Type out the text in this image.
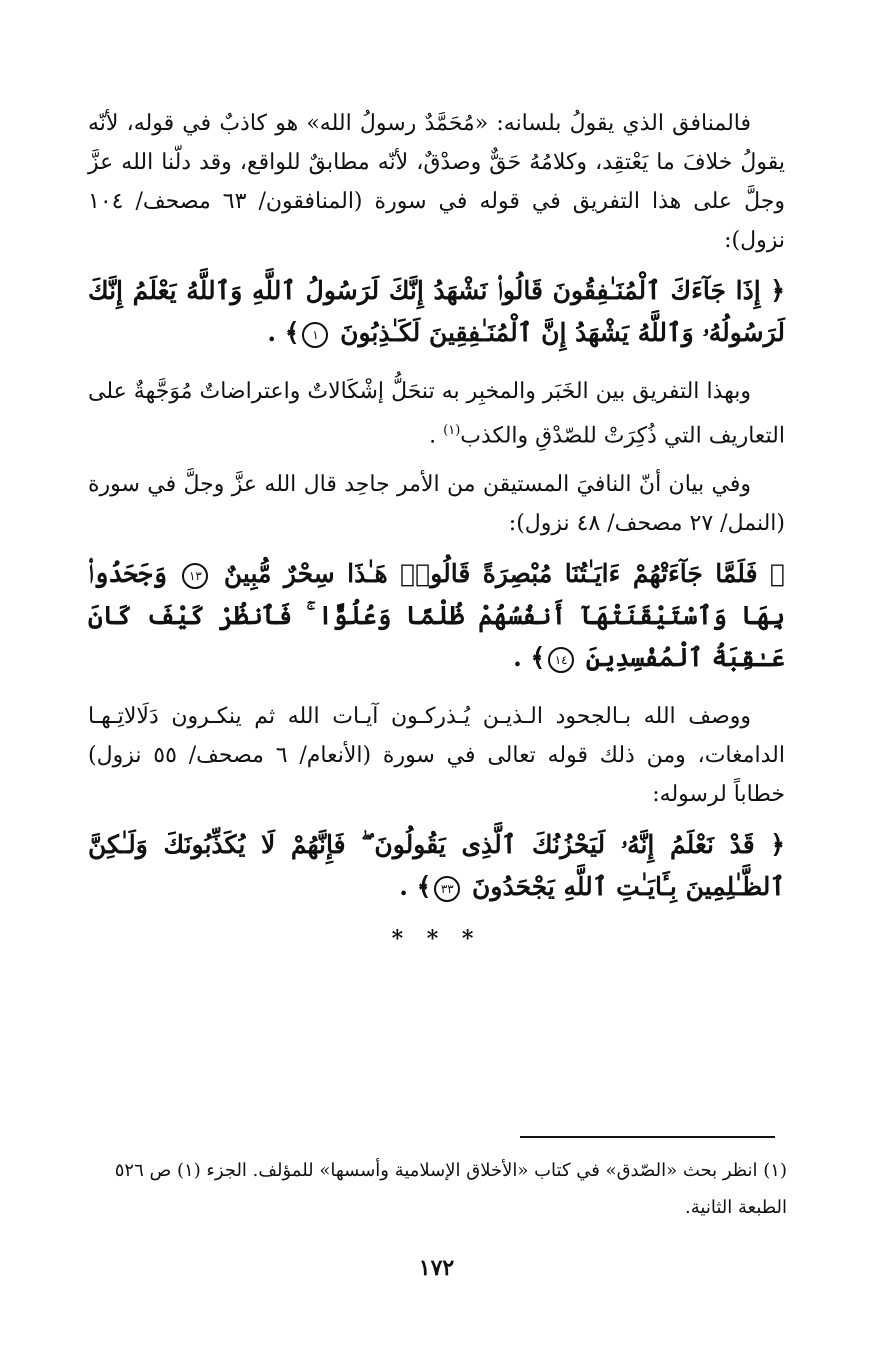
فالمنافق الذي يقولُ بلسانه: «مُحَمَّدٌ رسولُ الله» هو كاذبٌ في قوله، لأنّه يقولُ خلافَ ما يَعْتقِد، وكلامُهُ حَقٌّ وصدْقٌ، لأنّه مطابقٌ للواقع، وقد دلّنا الله عزَّ وجلَّ على هذا التفريق في قوله في سورة (المنافقون/ ٦٣ مصحف/ ١٠٤ نزول):

﴿ إِذَا جَآءَكَ ٱلْمُنَـٰفِقُونَ قَالُوا۟ نَشْهَدُ إِنَّكَ لَرَسُولُ ٱللَّهِ وَٱللَّهُ يَعْلَمُ إِنَّكَ لَرَسُولُهُۥ وَٱللَّهُ يَشْهَدُ إِنَّ ٱلْمُنَـٰفِقِينَ لَكَـٰذِبُونَ ١﴾ .

وبهذا التفريق بين الخَبَر والمخبِر به تنحَلُّ إشْكَالاتٌ واعتراضاتٌ مُوَجَّهةٌ على التعاريف التي ذُكِرَتْ للصّدْقِ والكذب$^{(١)}$ .

وفي بيان أنّ النافيَ المستيقن من الأمر جاحِد قال الله عزَّ وجلَّ في سورة (النمل/ ٢٧ مصحف/ ٤٨ نزول):

﴿ فَلَمَّا جَآءَتْهُمْ ءَايَـٰتُنَا مُبْصِرَةً قَالُوا۟ هَـٰذَا سِحْرٌ مُّبِينٌ ١٣ وَجَحَدُوا۟ بِهَا وَٱسْتَيْقَنَتْهَآ أَنفُسُهُمْ ظُلْمًا وَعُلُوًّا ۚ فَٱنظُرْ كَيْفَ كَانَ عَـٰقِبَةُ ٱلْمُفْسِدِينَ ١٤﴾ .

ووصف الله بـالجحود الـذيـن يُـذركـون آيـات الله ثم ينكـرون دَلَالاتِـهـا الدامغات، ومن ذلك قوله تعالى في سورة (الأنعام/ ٦ مصحف/ ٥٥ نزول) خطاباً لرسوله:

﴿ قَدْ نَعْلَمُ إِنَّهُۥ لَيَحْزُنُكَ ٱلَّذِى يَقُولُونَ ۖ فَإِنَّهُمْ لَا يُكَذِّبُونَكَ وَلَـٰكِنَّ ٱلظَّـٰلِمِينَ بِـَٔايَـٰتِ ٱللَّهِ يَجْحَدُونَ ٣٣﴾ .

* * *
(١) انظر بحث «الصّدق» في كتاب «الأخلاق الإسلامية وأسسها» للمؤلف. الجزء (١) ص ٥٢٦ الطبعة الثانية.
١٧٢
